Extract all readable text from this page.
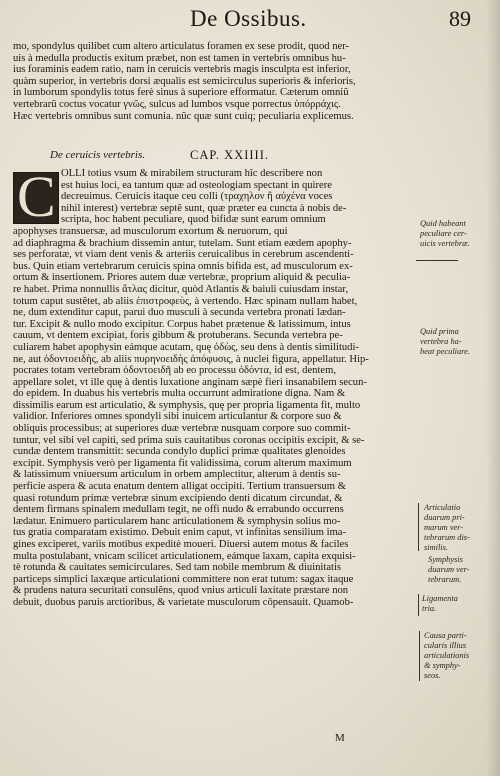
De Ossibus.	89
mo, spondylus quilibet cum altero articulatus foramen ex sese prodit, quod ner-
uis à medulla productis exitum præbet, non est tamen in vertebris omnibus hu-
ius foraminis eadem ratio, nam in ceruicis vertebris magis insculpta est inferior,
quàm superior, in vertebris dorsi æqualis est semicirculus superioris & inferioris,
in lumborum spondylis totus ferè sinus à superiore efformatur. Cæterum omniũ
vertebrarũ coctus vocatur γνῶς, sulcus ad lumbos vsque porrectus ὑπόρράχις.
Hæc vertebris omnibus sunt comunia. nũc quæ sunt cuiq; peculiaria explicemus.
De ceruicis vertebris.	CAP. XXIIII.
C OLLI totius vsum & mirabilem structuram hîc describere non
est huius loci, ea tantum quæ ad osteologiam spectant in quirere
decreuimus. Ceruicis itaque ceu colli (τραχηλον ἢ αὐχένα voces
nihil interest) vertebræ septẽ sunt, quæ præter ea cuncta à nobis de-
scripta, hoc habent peculiare, quod bifidæ sunt earum omnium
apophyses transuersæ, ad musculorum exortum & neruorum, qui
ad diaphragma & brachium dissemin antur, tutelam. Sunt etiam eædem apophy-
ses perforatæ, vt viam dent venis & arteriis ceruicalibus in cerebrum ascendenti-
bus. Quin etiam vertebrarum ceruicis spina omnis bifida est, ad musculorum ex-
ortum & insertionem. Priores autem duæ vertebræ, proprium aliquid & peculia-
re habet. Prima nonnullis ἄτλας dicitur, quòd Atlantis & baiuli cuiusdam instar,
totum caput sustĕtet, ab aliis ἐπιστροφεὺς, à vertendo. Hæc spinam nullam habet,
ne, dum extenditur caput, parui duo musculi à secunda vertebra pronati lædan-
tur. Excipit & nullo modo excipitur. Corpus habet prætenue & latissimum, intus
cauum, vt dentem excipiat, foris gibbum & protuberans. Secunda vertebra pe-
culiarem habet apophysin eámque acutam, quę ὀδὼς, seu dens à dentis similitudi-
ne, aut ὀδοντοειδὴς, ab aliis πυρηνοειδὴς ἀπόφυσις, à nuclei figura, appellatur. Hip-
pocrates totam vertebram ὀδοντοειδῆ ab eo processu ὀδόντα, id est, dentem,
appellare solet, vt ille quę à dentis luxatione anginam sæpè fieri insanabilem secun-
do epidem. In duabus his vertebris multa occurrunt admiratione digna. Nam &
dissimilis earum est articulatio, & symphysis, quę per propria ligamenta fit, multo
validior. Inferiores omnes spondyli sibi inuicem articulantur & corpore suo &
obliquis processibus; at superiores duæ vertebræ nusquam corpore suo commit-
tuntur, vel sibi vel capiti, sed prima suis cauitatibus coronas occipitis excipit, & se-
cundæ dentem transmittit: secunda condylo duplici primæ qualitates glenoides
excipit. Symphysis verò per ligamenta fit validissima, corum alterum maximum
& latissimum vniuersum articulum in orbem amplectitur, alterum à dentis su-
perficie aspera & acuta enatum dentem alligat occipiti. Tertium transuersum &
quasi rotundum primæ vertebræ sinum excipiendo denti dicatum circundat, &
dentem firmans spinalem medullam tegit, ne offi nudo & errabundo occurrens
lædatur. Enimuero particularem hanc articulationem & symphysin solius mo-
tus gratia comparatam existimo. Debuit enim caput, vt infinitas sensilium ima-
gines exciperet, variis motibus expeditè moueri. Diuersi autem motus & faciles
multa postulabant, vnicam scilicet articulationem, eámque laxam, capita exquisi-
tè rotunda & cauitates semicirculares. Sed tam nobile membrum & diuinitatis
particeps simplici laxæque articulationi committere non erat tutum: sagax itaque
& prudens natura securitati consulẽns, quod vnius articuli laxitate præstare non
debuit, duobus paruis arctioribus, & varietate musculorum cōpensauit. Quamob-
M
Quid habeant
peculiare cer-
uicis vertebræ.
Quid prima
vertebra ha-
beat peculiare.
Articulatio
duarum pri-
marum ver-
tebrarum dis-
similis.
Symphysis
duarum ver-
tebrarum.
Ligamenta
tria.
Causa parti-
cularis illius
articulationis
& symphy-
seos.
